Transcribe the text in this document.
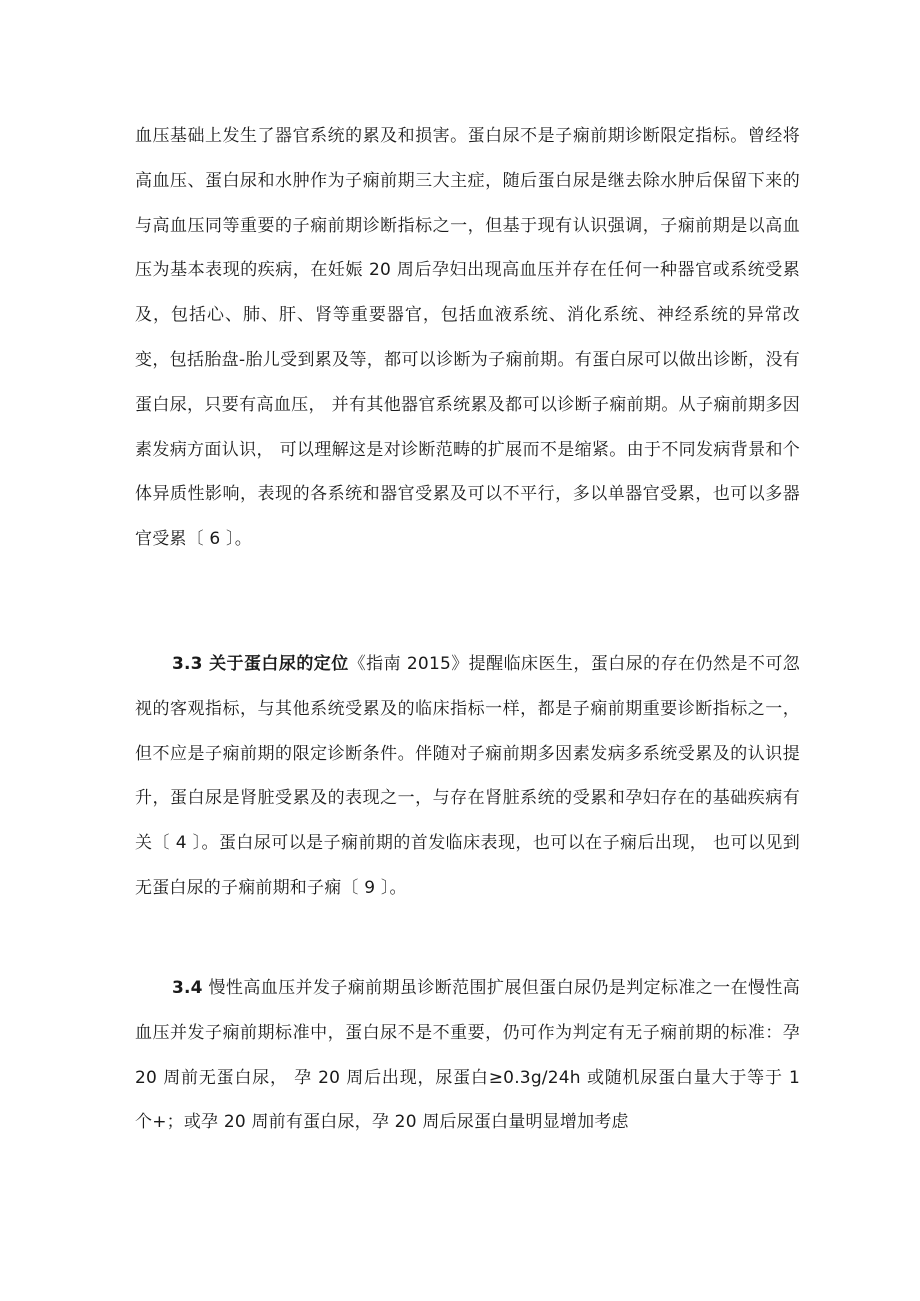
血压基础上发生了器官系统的累及和损害。蛋白尿不是子痫前期诊断限定指标。曾经将高血压、蛋白尿和水肿作为子痫前期三大主症，随后蛋白尿是继去除水肿后保留下来的与高血压同等重要的子痫前期诊断指标之一，但基于现有认识强调，子痫前期是以高血压为基本表现的疾病，在妊娠 20 周后孕妇出现高血压并存在任何一种器官或系统受累及，包括心、肺、肝、肾等重要器官，包括血液系统、消化系统、神经系统的异常改变，包括胎盘-胎儿受到累及等，都可以诊断为子痫前期。有蛋白尿可以做出诊断，没有蛋白尿，只要有高血压， 并有其他器官系统累及都可以诊断子痫前期。从子痫前期多因素发病方面认识， 可以理解这是对诊断范畴的扩展而不是缩紧。由于不同发病背景和个体异质性影响，表现的各系统和器官受累及可以不平行，多以单器官受累，也可以多器官受累〔 6 〕。

3.3 关于蛋白尿的定位《指南 2015》提醒临床医生，蛋白尿的存在仍然是不可忽视的客观指标，与其他系统受累及的临床指标一样，都是子痫前期重要诊断指标之一，但不应是子痫前期的限定诊断条件。伴随对子痫前期多因素发病多系统受累及的认识提升，蛋白尿是肾脏受累及的表现之一，与存在肾脏系统的受累和孕妇存在的基础疾病有关〔 4 〕。蛋白尿可以是子痫前期的首发临床表现，也可以在子痫后出现， 也可以见到无蛋白尿的子痫前期和子痫〔 9 〕。

3.4 慢性高血压并发子痫前期虽诊断范围扩展但蛋白尿仍是判定标准之一在慢性高血压并发子痫前期标准中，蛋白尿不是不重要，仍可作为判定有无子痫前期的标准：孕 20 周前无蛋白尿， 孕 20 周后出现，尿蛋白≥0.3g/24h 或随机尿蛋白量大于等于 1 个+；或孕 20 周前有蛋白尿，孕 20 周后尿蛋白量明显增加考虑
